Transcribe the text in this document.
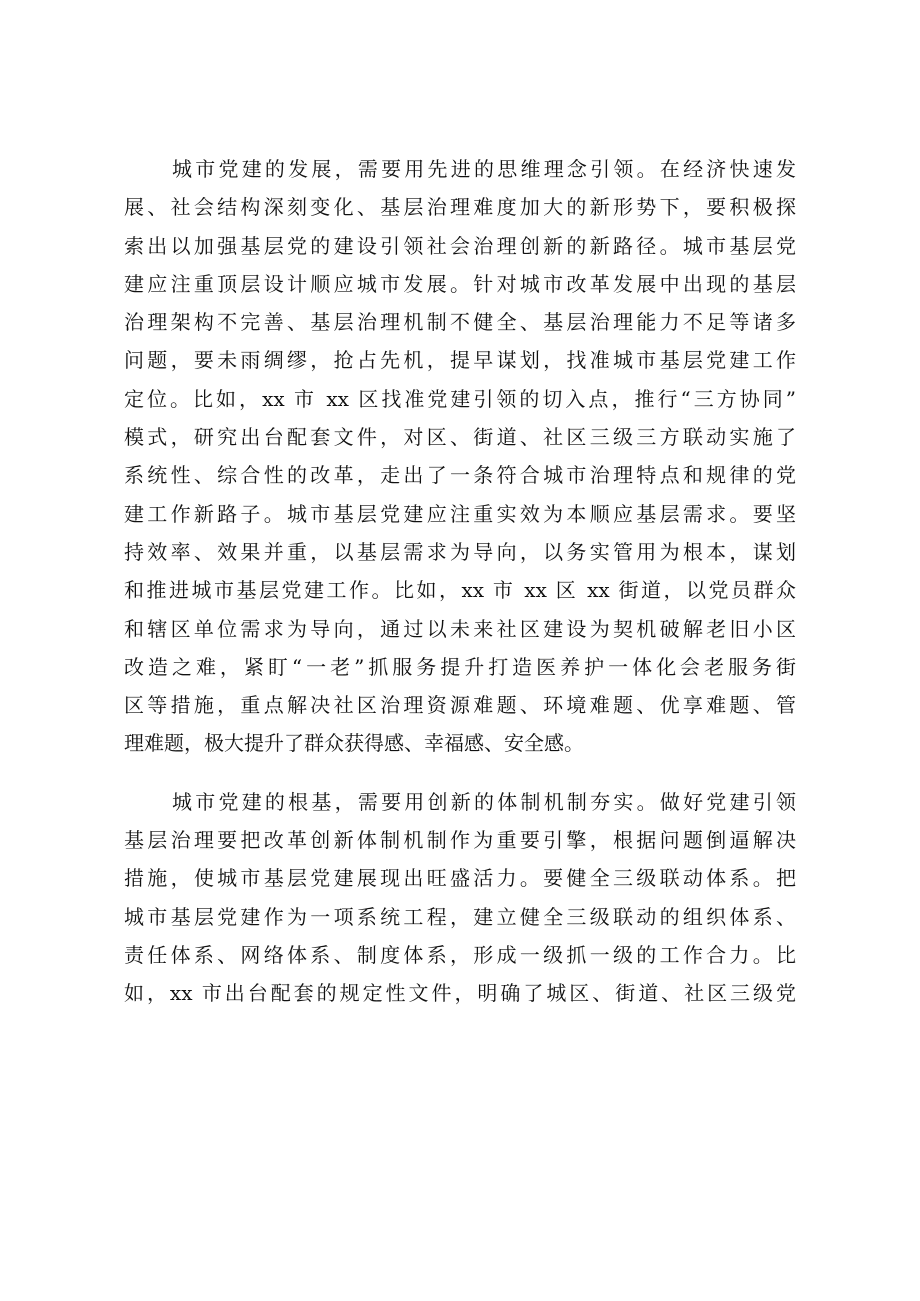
城市党建的发展，需要用先进的思维理念引领。在经济快速发

展、社会结构深刻变化、基层治理难度加大的新形势下，要积极探

索出以加强基层党的建设引领社会治理创新的新路径。城市基层党

建应注重顶层设计顺应城市发展。针对城市改革发展中出现的基层

治理架构不完善、基层治理机制不健全、基层治理能力不足等诸多

问题，要未雨绸缪，抢占先机，提早谋划，找准城市基层党建工作

定位。比如，xx 市 xx 区找准党建引领的切入点，推行“三方协同”

模式，研究出台配套文件，对区、街道、社区三级三方联动实施了

系统性、综合性的改革，走出了一条符合城市治理特点和规律的党

建工作新路子。城市基层党建应注重实效为本顺应基层需求。要坚

持效率、效果并重，以基层需求为导向，以务实管用为根本，谋划

和推进城市基层党建工作。比如，xx 市 xx 区 xx 街道，以党员群众

和辖区单位需求为导向，通过以未来社区建设为契机破解老旧小区

改造之难，紧盯“一老”抓服务提升打造医养护一体化会老服务街

区等措施，重点解决社区治理资源难题、环境难题、优享难题、管

理难题，极大提升了群众获得感、幸福感、安全感。

城市党建的根基，需要用创新的体制机制夯实。做好党建引领

基层治理要把改革创新体制机制作为重要引擎，根据问题倒逼解决

措施，使城市基层党建展现出旺盛活力。要健全三级联动体系。把

城市基层党建作为一项系统工程，建立健全三级联动的组织体系、

责任体系、网络体系、制度体系，形成一级抓一级的工作合力。比

如，xx 市出台配套的规定性文件，明确了城区、街道、社区三级党
